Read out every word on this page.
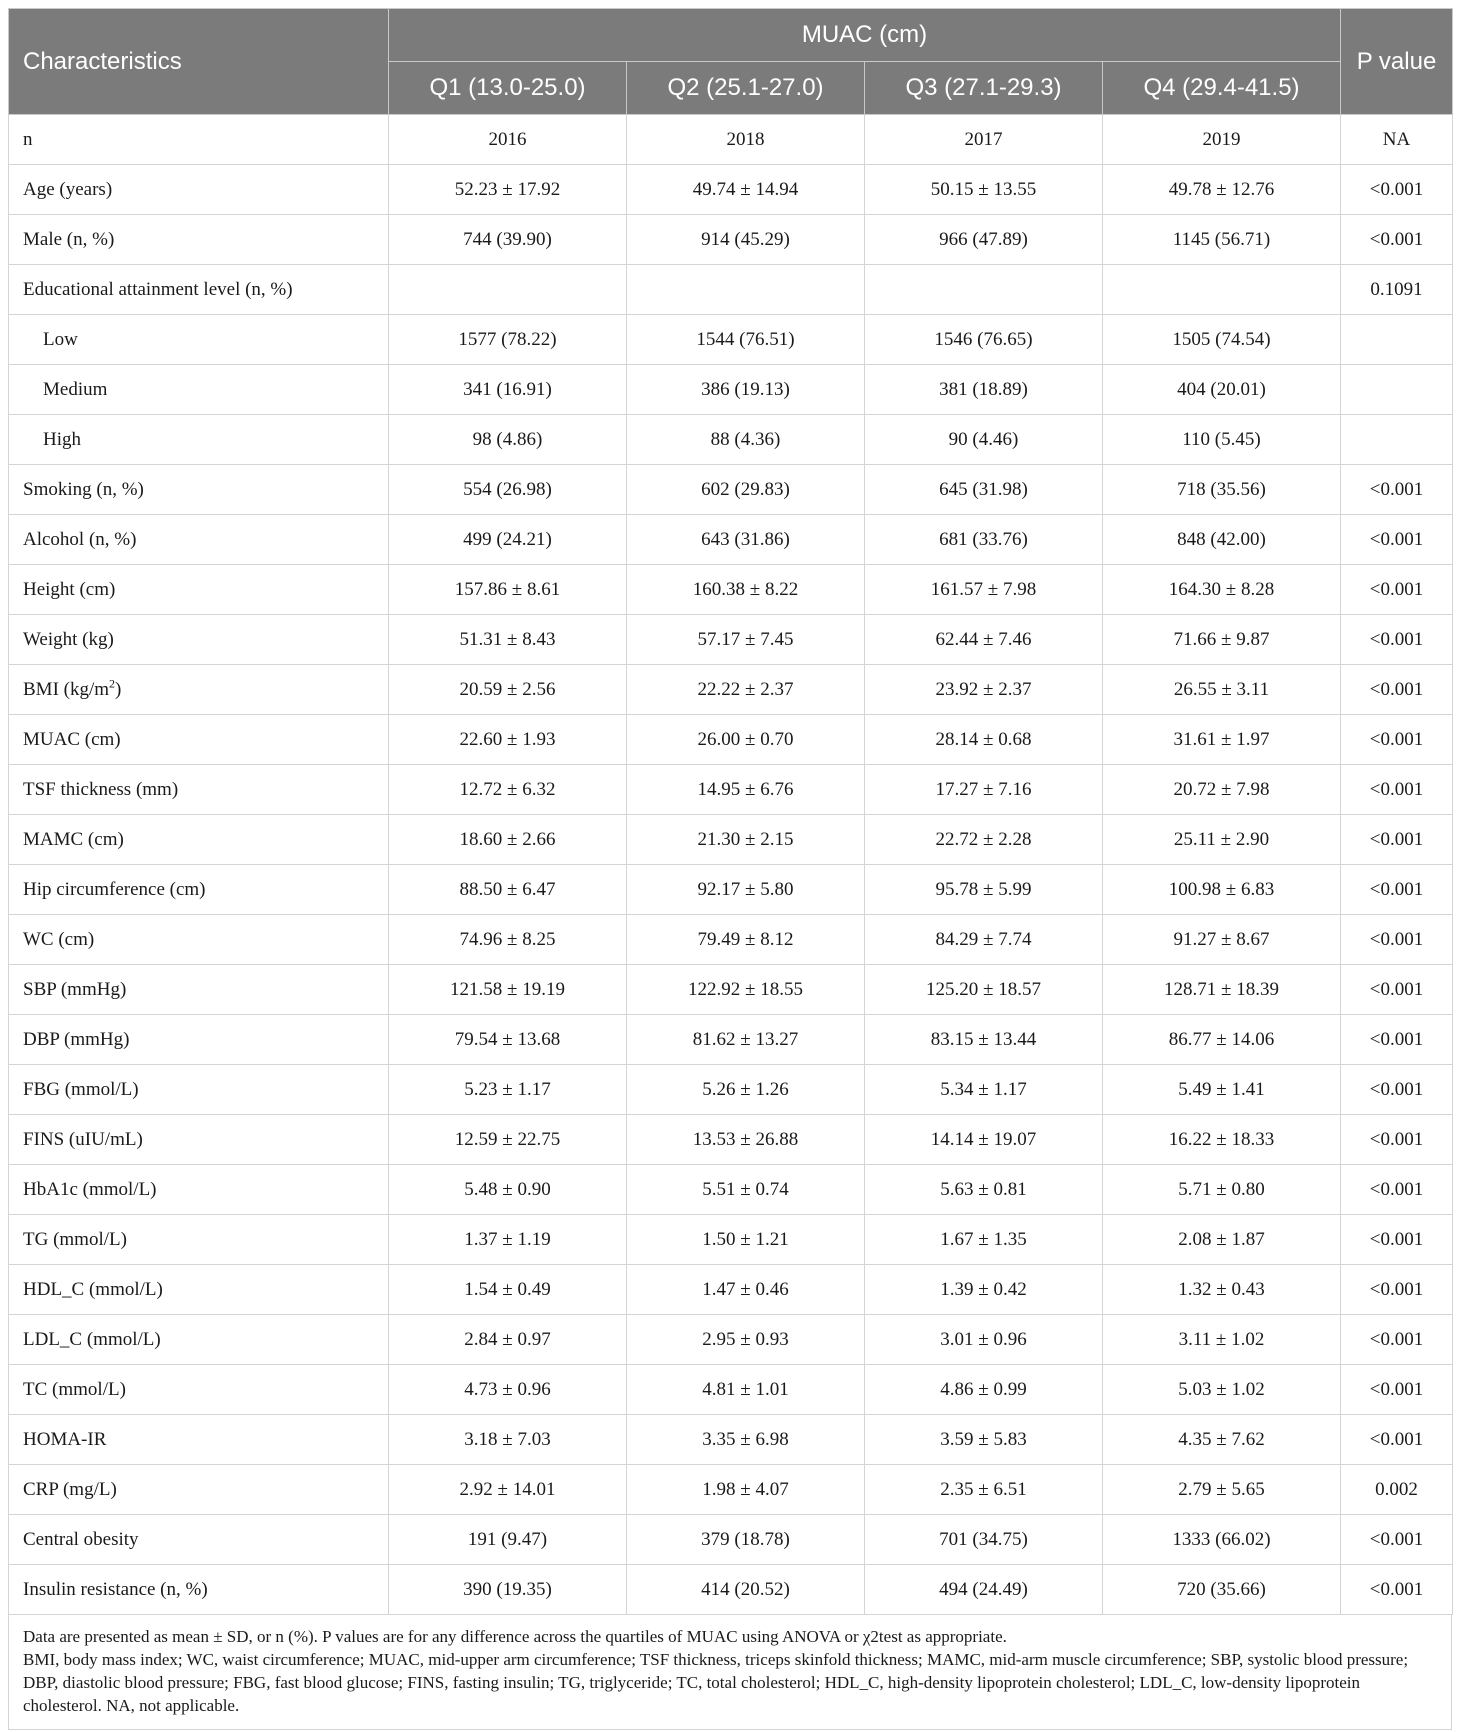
Characteristics	MUAC (cm)				P value
	Q1 (13.0-25.0)	Q2 (25.1-27.0)	Q3 (27.1-29.3)	Q4 (29.4-41.5)	
n	2016	2018	2017	2019	NA
Age (years)	52.23 ± 17.92	49.74 ± 14.94	50.15 ± 13.55	49.78 ± 12.76	<0.001
Male (n, %)	744 (39.90)	914 (45.29)	966 (47.89)	1145 (56.71)	<0.001
Educational attainment level (n, %)					0.1091
Low	1577 (78.22)	1544 (76.51)	1546 (76.65)	1505 (74.54)	
Medium	341 (16.91)	386 (19.13)	381 (18.89)	404 (20.01)	
High	98 (4.86)	88 (4.36)	90 (4.46)	110 (5.45)	
Smoking (n, %)	554 (26.98)	602 (29.83)	645 (31.98)	718 (35.56)	<0.001
Alcohol (n, %)	499 (24.21)	643 (31.86)	681 (33.76)	848 (42.00)	<0.001
Height (cm)	157.86 ± 8.61	160.38 ± 8.22	161.57 ± 7.98	164.30 ± 8.28	<0.001
Weight (kg)	51.31 ± 8.43	57.17 ± 7.45	62.44 ± 7.46	71.66 ± 9.87	<0.001
BMI $(kg/m^2)$	20.59 ± 2.56	22.22 ± 2.37	23.92 ± 2.37	26.55 ± 3.11	<0.001
MUAC (cm)	22.60 ± 1.93	26.00 ± 0.70	28.14 ± 0.68	31.61 ± 1.97	<0.001
TSF thickness (mm)	12.72 ± 6.32	14.95 ± 6.76	17.27 ± 7.16	20.72 ± 7.98	<0.001
MAMC (cm)	18.60 ± 2.66	21.30 ± 2.15	22.72 ± 2.28	25.11 ± 2.90	<0.001
Hip circumference (cm)	88.50 ± 6.47	92.17 ± 5.80	95.78 ± 5.99	100.98 ± 6.83	<0.001
WC (cm)	74.96 ± 8.25	79.49 ± 8.12	84.29 ± 7.74	91.27 ± 8.67	<0.001
SBP (mmHg)	121.58 ± 19.19	122.92 ± 18.55	125.20 ± 18.57	128.71 ± 18.39	<0.001
DBP (mmHg)	79.54 ± 13.68	81.62 ± 13.27	83.15 ± 13.44	86.77 ± 14.06	<0.001
FBG (mmol/L)	5.23 ± 1.17	5.26 ± 1.26	5.34 ± 1.17	5.49 ± 1.41	<0.001
FINS (uIU/mL)	12.59 ± 22.75	13.53 ± 26.88	14.14 ± 19.07	16.22 ± 18.33	<0.001
HbA1c (mmol/L)	5.48 ± 0.90	5.51 ± 0.74	5.63 ± 0.81	5.71 ± 0.80	<0.001
TG (mmol/L)	1.37 ± 1.19	1.50 ± 1.21	1.67 ± 1.35	2.08 ± 1.87	<0.001
HDL_C (mmol/L)	1.54 ± 0.49	1.47 ± 0.46	1.39 ± 0.42	1.32 ± 0.43	<0.001
LDL_C (mmol/L)	2.84 ± 0.97	2.95 ± 0.93	3.01 ± 0.96	3.11 ± 1.02	<0.001
TC (mmol/L)	4.73 ± 0.96	4.81 ± 1.01	4.86 ± 0.99	5.03 ± 1.02	<0.001
HOMA-IR	3.18 ± 7.03	3.35 ± 6.98	3.59 ± 5.83	4.35 ± 7.62	<0.001
CRP (mg/L)	2.92 ± 14.01	1.98 ± 4.07	2.35 ± 6.51	2.79 ± 5.65	0.002
Central obesity	191 (9.47)	379 (18.78)	701 (34.75)	1333 (66.02)	<0.001
Insulin resistance (n, %)	390 (19.35)	414 (20.52)	494 (24.49)	720 (35.66)	<0.001

Data are presented as mean ± SD, or n (%). P values are for any difference across the quartiles of MUAC using ANOVA or χ2test as appropriate.

BMI, body mass index; WC, waist circumference; MUAC, mid-upper arm circumference; TSF thickness, triceps skinfold thickness; MAMC, mid-arm muscle circumference; SBP, systolic blood pressure; DBP, diastolic blood pressure; FBG, fast blood glucose; FINS, fasting insulin; TG, triglyceride; TC, total cholesterol; HDL_C, high-density lipoprotein cholesterol; LDL_C, low-density lipoprotein cholesterol. NA, not applicable.
